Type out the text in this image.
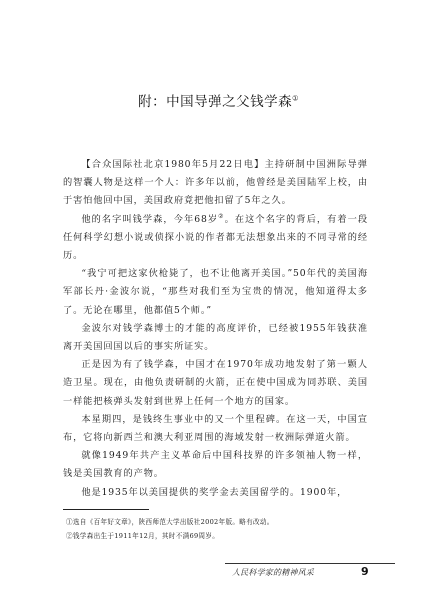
附：中国导弹之父钱学森①

【合众国际社北京1980年5月22日电】主持研制中国洲际导弹的智囊人物是这样一个人：许多年以前，他曾经是美国陆军上校，由于害怕他回中国，美国政府竟把他扣留了5年之久。

他的名字叫钱学森，今年68岁②。在这个名字的背后，有着一段任何科学幻想小说或侦探小说的作者都无法想象出来的不同寻常的经历。

“我宁可把这家伙枪毙了，也不让他离开美国。”50年代的美国海军部长丹·金波尔说，“那些对我们至为宝贵的情况，他知道得太多了。无论在哪里，他都值5个师。”

金波尔对钱学森博士的才能的高度评价，已经被1955年钱获准离开美国回国以后的事实所证实。

正是因为有了钱学森，中国才在1970年成功地发射了第一颗人造卫星。现在，由他负责研制的火箭，正在使中国成为同苏联、美国一样能把核弹头发射到世界上任何一个地方的国家。

本星期四，是钱终生事业中的又一个里程碑。在这一天，中国宣布，它将向新西兰和澳大利亚周围的海域发射一枚洲际弹道火箭。

就像1949年共产主义革命后中国科技界的许多领袖人物一样，钱是美国教育的产物。

他是1935年以美国提供的奖学金去美国留学的。1900年，

①选自《百年好文章》，陕西师范大学出版社2002年版。略有改动。
②钱学森出生于1911年12月，其时不满69周岁。
人民科学家的精神风采	9
